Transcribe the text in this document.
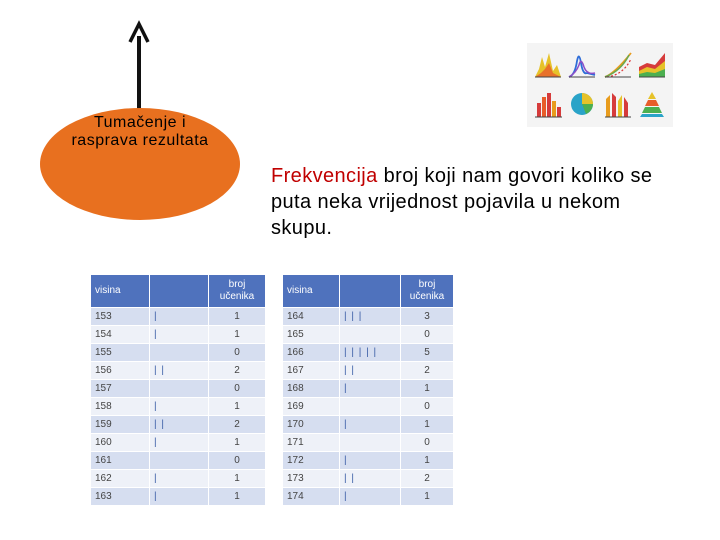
Tumačenje i rasprava rezultata
Frekvencija broj koji nam govori koliko se puta neka vrijednost pojavila u nekom skupu.
visina		broj učenika
153	|	1
154	|	1
155		0
156	| |	2
157		0
158	|	1
159	| |	2
160	|	1
161		0
162	|	1
163	|	1
visina		broj učenika
164	| | |	3
165		0
166	| | | | |	5
167	| |	2
168	|	1
169		0
170	|	1
171		0
172	|	1
173	| |	2
174	|	1
